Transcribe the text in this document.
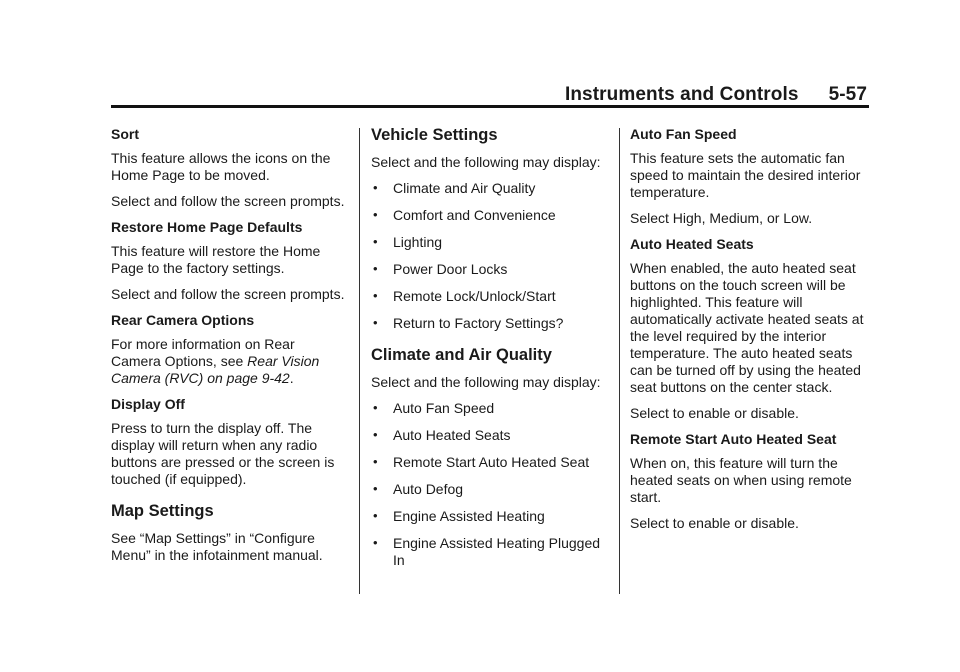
Instruments and Controls 5-57

Sort

This feature allows the icons on the Home Page to be moved.

Select and follow the screen prompts.

Restore Home Page Defaults

This feature will restore the Home Page to the factory settings.

Select and follow the screen prompts.

Rear Camera Options

For more information on Rear Camera Options, see Rear Vision Camera (RVC) on page 9-42.

Display Off

Press to turn the display off. The display will return when any radio buttons are pressed or the screen is touched (if equipped).

Map Settings

See “Map Settings” in “Configure Menu” in the infotainment manual.

Vehicle Settings

Select and the following may display:

• Climate and Air Quality
• Comfort and Convenience
• Lighting
• Power Door Locks
• Remote Lock/Unlock/Start
• Return to Factory Settings?
Climate and Air Quality

Select and the following may display:

• Auto Fan Speed
• Auto Heated Seats
• Remote Start Auto Heated Seat
• Auto Defog
• Engine Assisted Heating
• Engine Assisted Heating Plugged In

Auto Fan Speed

This feature sets the automatic fan speed to maintain the desired interior temperature.

Select High, Medium, or Low.

Auto Heated Seats

When enabled, the auto heated seat buttons on the touch screen will be highlighted. This feature will automatically activate heated seats at the level required by the interior temperature. The auto heated seats can be turned off by using the heated seat buttons on the center stack.

Select to enable or disable.

Remote Start Auto Heated Seat

When on, this feature will turn the heated seats on when using remote start.

Select to enable or disable.
